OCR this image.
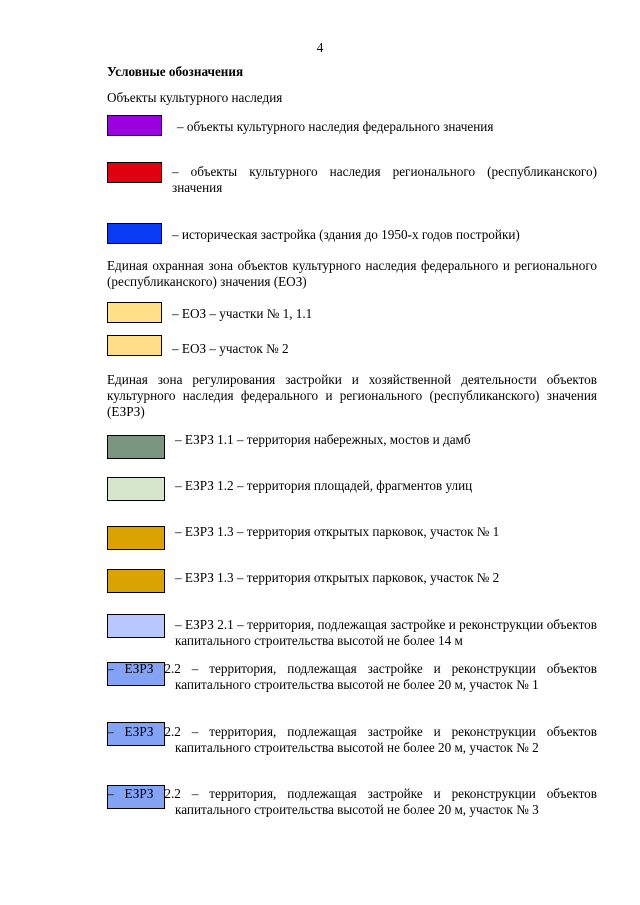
4

Условные обозначения

Объекты культурного наследия

– объекты культурного наследия федерального значения

– объекты культурного наследия регионального (республиканского) значения

– историческая застройка (здания до 1950-х годов постройки)

Единая охранная зона объектов культурного наследия федерального и регионального (республиканского) значения (ЕОЗ)

– ЕОЗ – участки № 1, 1.1

– ЕОЗ – участок № 2

Единая зона регулирования застройки и хозяйственной деятельности объектов культурного наследия федерального и регионального (республиканского) значения (ЕЗРЗ)

– ЕЗРЗ 1.1 – территория набережных, мостов и дамб

– ЕЗРЗ 1.2 – территория площадей, фрагментов улиц

– ЕЗРЗ 1.3 – территория открытых парковок, участок № 1

– ЕЗРЗ 1.3 – территория открытых парковок, участок № 2

– ЕЗРЗ 2.1 – территория, подлежащая застройке и реконструкции объектов капитального строительства высотой не более 14 м

– ЕЗРЗ 2.2 – территория, подлежащая застройке и реконструкции объектов капитального строительства высотой не более 20 м, участок № 1

– ЕЗРЗ 2.2 – территория, подлежащая застройке и реконструкции объектов капитального строительства высотой не более 20 м, участок № 2

– ЕЗРЗ 2.2 – территория, подлежащая застройке и реконструкции объектов капитального строительства высотой не более 20 м, участок № 3
